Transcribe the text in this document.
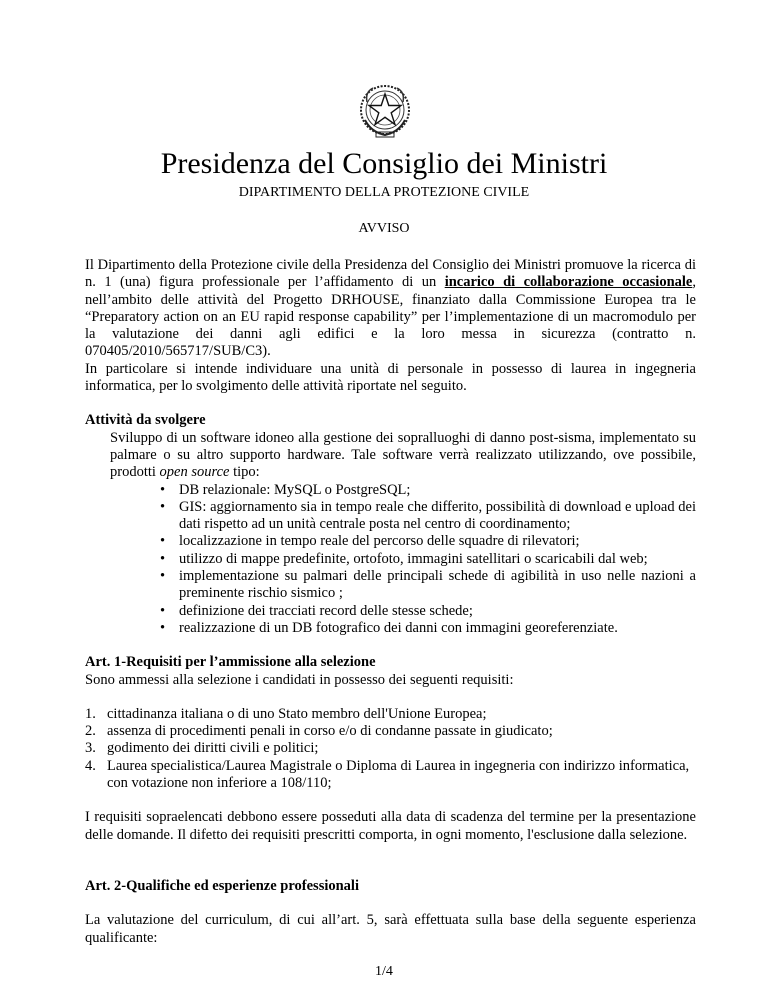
Presidenza del Consiglio dei Ministri
DIPARTIMENTO DELLA PROTEZIONE CIVILE
AVVISO

Il Dipartimento della Protezione civile della Presidenza del Consiglio dei Ministri promuove la ricerca di n. 1 (una) figura professionale per l’affidamento di un incarico di collaborazione occasionale, nell’ambito delle attività del Progetto DRHOUSE, finanziato dalla Commissione Europea tra le “Preparatory action on an EU rapid response capability” per l’implementazione di un macromodulo per la valutazione dei danni agli edifici e la loro messa in sicurezza (contratto n. 070405/2010/565717/SUB/C3).

In particolare si intende individuare una unità di personale in possesso di laurea in ingegneria informatica, per lo svolgimento delle attività riportate nel seguito.

Attività da svolgere

Sviluppo di un software idoneo alla gestione dei sopralluoghi di danno post-sisma, implementato su palmare o su altro supporto hardware. Tale software verrà realizzato utilizzando, ove possibile, prodotti open source tipo:

• DB relazionale: MySQL o PostgreSQL;
• GIS: aggiornamento sia in tempo reale che differito, possibilità di download e upload dei dati rispetto ad un unità centrale posta nel centro di coordinamento;
• localizzazione in tempo reale del percorso delle squadre di rilevatori;
• utilizzo di mappe predefinite, ortofoto, immagini satellitari o scaricabili dal web;
• implementazione su palmari delle principali schede di agibilità in uso nelle nazioni a preminente rischio sismico ;
• definizione dei tracciati record delle stesse schede;
• realizzazione di un DB fotografico dei danni con immagini georeferenziate.

Art. 1-Requisiti per l’ammissione alla selezione

Sono ammessi alla selezione i candidati in possesso dei seguenti requisiti:

1. cittadinanza italiana o di uno Stato membro dell'Unione Europea;
2. assenza di procedimenti penali in corso e/o di condanne passate in giudicato;
3. godimento dei diritti civili e politici;
4. Laurea specialistica/Laurea Magistrale o Diploma di Laurea in ingegneria con indirizzo informatica, con votazione non inferiore a 108/110;

I requisiti sopraelencati debbono essere posseduti alla data di scadenza del termine per la presentazione delle domande. Il difetto dei requisiti prescritti comporta, in ogni momento, l'esclusione dalla selezione.

Art. 2-Qualifiche ed esperienze professionali

La valutazione del curriculum, di cui all’art. 5, sarà effettuata sulla base della seguente esperienza qualificante:

1/4
